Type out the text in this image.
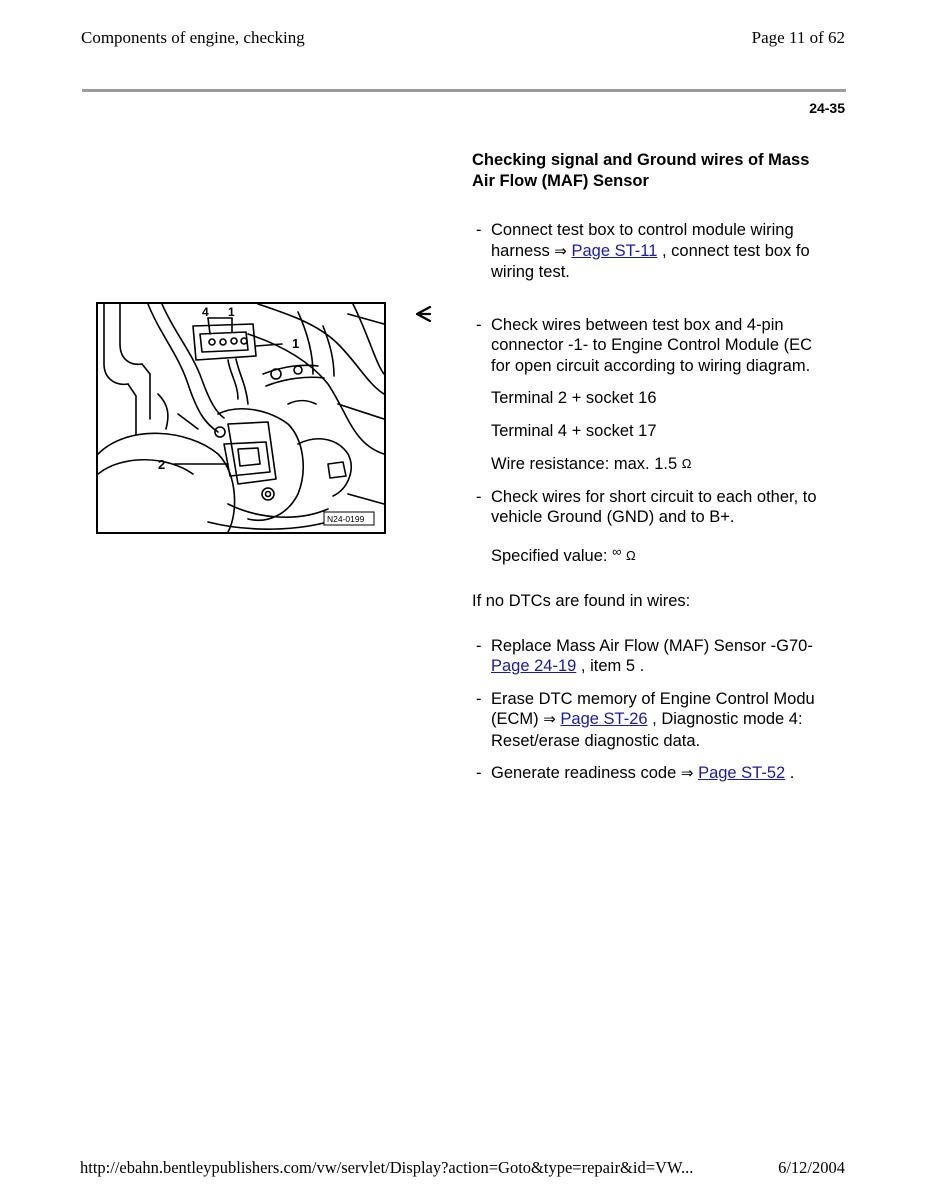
Components of engine, checking	Page 11 of 62
24-35
4 1
1
2
N24-0199
Checking signal and Ground wires of Mass
Air Flow (MAF) Sensor
- Connect test box to control module wiring
harness ⇒ Page ST-11 , connect test box fo
wiring test.
- Check wires between test box and 4-pin
connector -1- to Engine Control Module (EC
for open circuit according to wiring diagram.
Terminal 2 + socket 16
Terminal 4 + socket 17
Wire resistance: max. 1.5 Ω
- Check wires for short circuit to each other, to
vehicle Ground (GND) and to B+.
Specified value: ∞ Ω
If no DTCs are found in wires:
- Replace Mass Air Flow (MAF) Sensor -G70-
Page 24-19 , item 5 .
- Erase DTC memory of Engine Control Modu
(ECM) ⇒ Page ST-26 , Diagnostic mode 4:
Reset/erase diagnostic data.
- Generate readiness code ⇒ Page ST-52 .
http://ebahn.bentleypublishers.com/vw/servlet/Display?action=Goto&type=repair&id=VW...	6/12/2004
